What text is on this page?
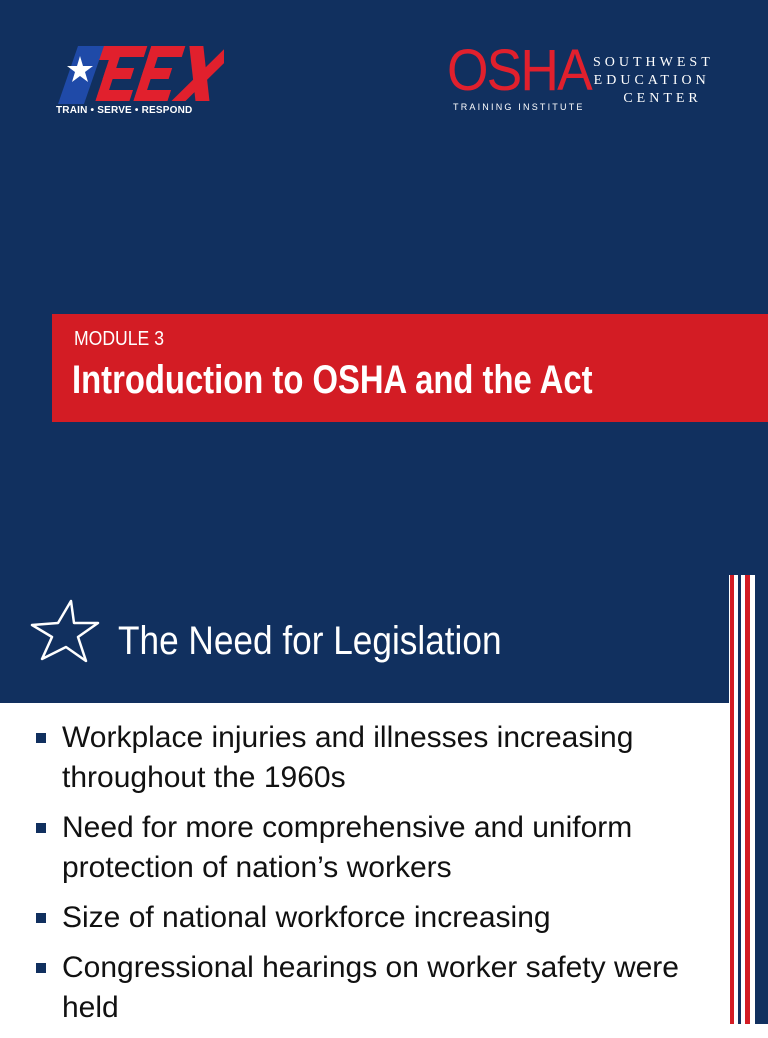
TRAIN • SERVE • RESPOND
OSHA
TRAINING INSTITUTE
SOUTHWEST
EDUCATION
CENTER
MODULE 3
Introduction to OSHA and the Act
The Need for Legislation
Workplace injuries and illnesses increasing throughout the 1960s
Need for more comprehensive and uniform protection of nation’s workers
Size of national workforce increasing
Congressional hearings on worker safety were held
